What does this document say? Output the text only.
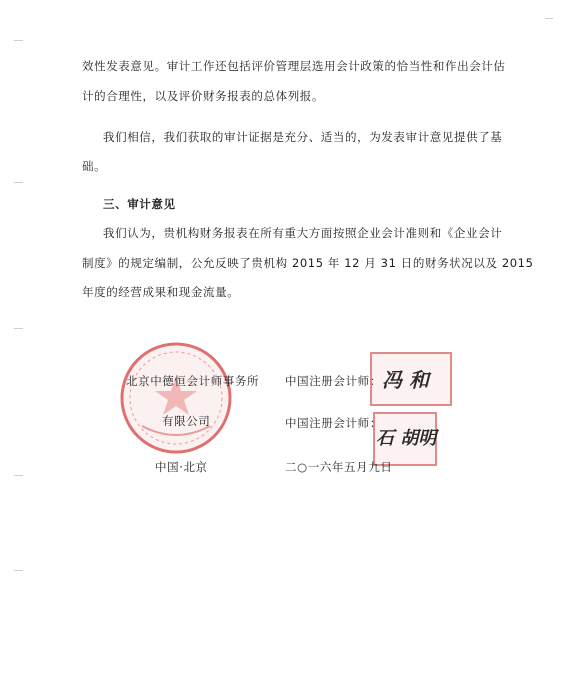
效性发表意见。审计工作还包括评价管理层选用会计政策的恰当性和作出会计估
计的合理性，以及评价财务报表的总体列报。
我们相信，我们获取的审计证据是充分、适当的，为发表审计意见提供了基
础。
三、审计意见
我们认为，贵机构财务报表在所有重大方面按照企业会计准则和《企业会计
制度》的规定编制，公允反映了贵机构 2015 年 12 月 31 日的财务状况以及 2015
年度的经营成果和现金流量。
北京中德恒会计师事务所
有限公司
中国·北京
中国注册会计师： 冯 和
中国注册会计师：
石 胡明
二○一六年五月九日
